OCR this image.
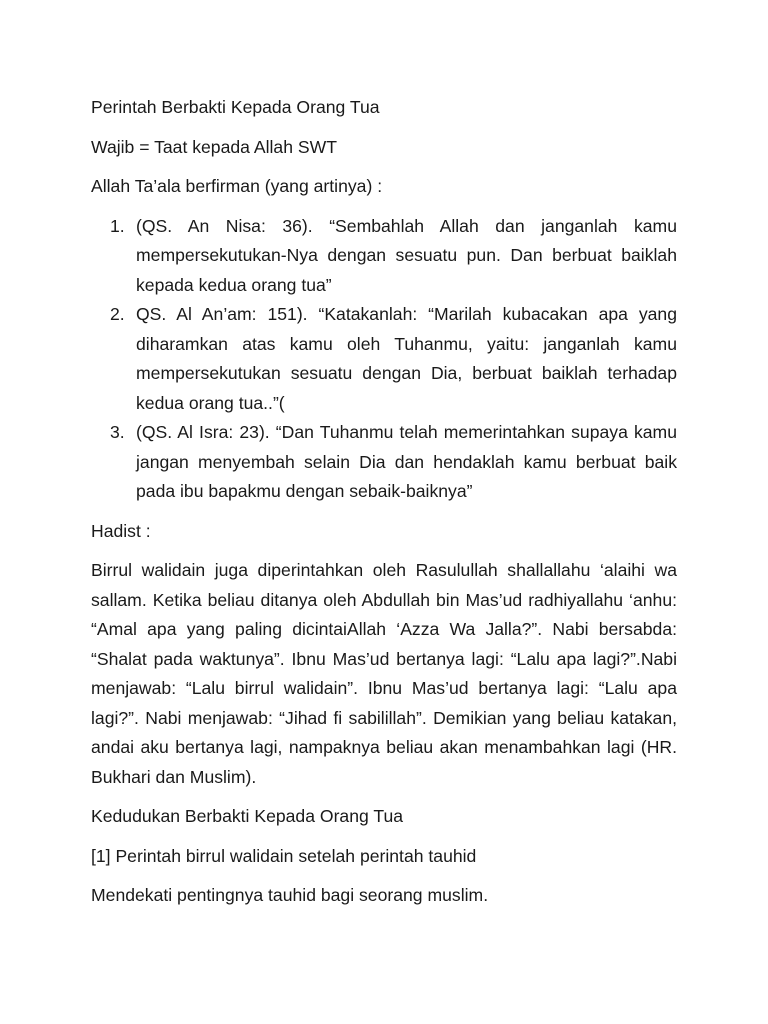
Perintah Berbakti Kepada Orang Tua

Wajib = Taat kepada Allah SWT

Allah Ta’ala berfirman (yang artinya) :

1. (QS. An Nisa: 36). “Sembahlah Allah dan janganlah kamu mempersekutukan-Nya dengan sesuatu pun. Dan berbuat baiklah kepada kedua orang tua”
2. QS. Al An’am: 151). “Katakanlah: “Marilah kubacakan apa yang diharamkan atas kamu oleh Tuhanmu, yaitu: janganlah kamu mempersekutukan sesuatu dengan Dia, berbuat baiklah terhadap kedua orang tua..”(
3. (QS. Al Isra: 23). “Dan Tuhanmu telah memerintahkan supaya kamu jangan menyembah selain Dia dan hendaklah kamu berbuat baik pada ibu bapakmu dengan sebaik-baiknya”

Hadist :

Birrul walidain juga diperintahkan oleh Rasulullah shallallahu ‘alaihi wa sallam. Ketika beliau ditanya oleh Abdullah bin Mas’ud radhiyallahu ‘anhu: “Amal apa yang paling dicintaiAllah ‘Azza Wa Jalla?”. Nabi bersabda: “Shalat pada waktunya”. Ibnu Mas’ud bertanya lagi: “Lalu apa lagi?”.Nabi menjawab: “Lalu birrul walidain”. Ibnu Mas’ud bertanya lagi: “Lalu apa lagi?”. Nabi menjawab: “Jihad fi sabilillah”. Demikian yang beliau katakan, andai aku bertanya lagi, nampaknya beliau akan menambahkan lagi (HR. Bukhari dan Muslim).

Kedudukan Berbakti Kepada Orang Tua

[1] Perintah birrul walidain setelah perintah tauhid

Mendekati pentingnya tauhid bagi seorang muslim.
